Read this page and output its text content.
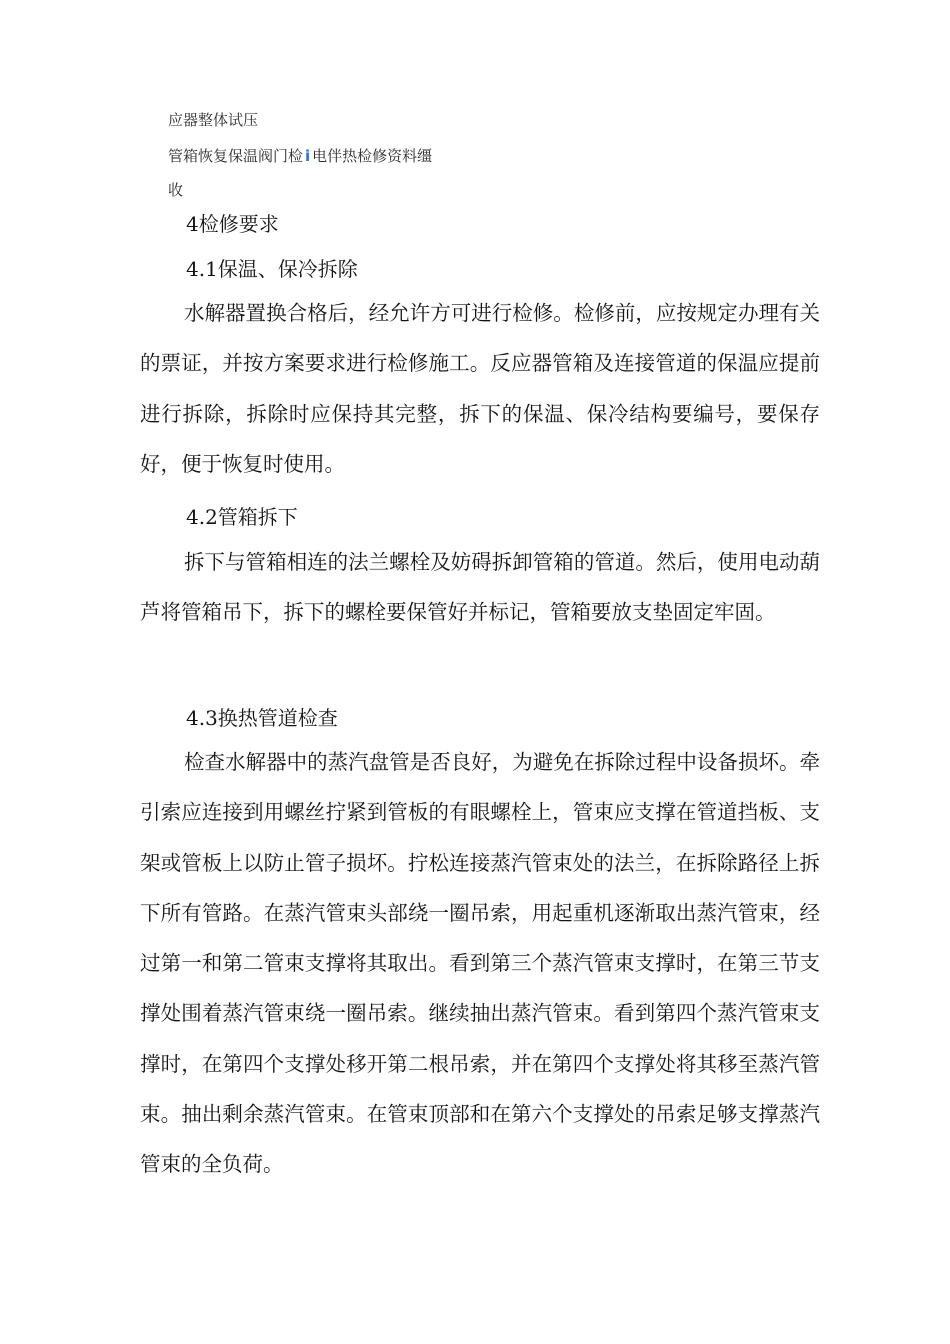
应器整体试压
管箱恢复保温阀门检 i 电伴热检修资料缰
收
4检修要求
4.1保温、保冷拆除

水解器置换合格后，经允许方可进行检修。检修前，应按规定办理有关的票证，并按方案要求进行检修施工。反应器管箱及连接管道的保温应提前进行拆除，拆除时应保持其完整，拆下的保温、保冷结构要编号，要保存好，便于恢复时使用。

4.2管箱拆下

拆下与管箱相连的法兰螺栓及妨碍拆卸管箱的管道。然后，使用电动葫芦将管箱吊下，拆下的螺栓要保管好并标记，管箱要放支垫固定牢固。

4.3换热管道检查

检查水解器中的蒸汽盘管是否良好，为避免在拆除过程中设备损坏。牵引索应连接到用螺丝拧紧到管板的有眼螺栓上，管束应支撑在管道挡板、支架或管板上以防止管子损坏。拧松连接蒸汽管束处的法兰，在拆除路径上拆下所有管路。在蒸汽管束头部绕一圈吊索，用起重机逐渐取出蒸汽管束，经过第一和第二管束支撑将其取出。看到第三个蒸汽管束支撑时，在第三节支撑处围着蒸汽管束绕一圈吊索。继续抽出蒸汽管束。看到第四个蒸汽管束支撑时，在第四个支撑处移开第二根吊索，并在第四个支撑处将其移至蒸汽管束。抽出剩余蒸汽管束。在管束顶部和在第六个支撑处的吊索足够支撑蒸汽管束的全负荷。
